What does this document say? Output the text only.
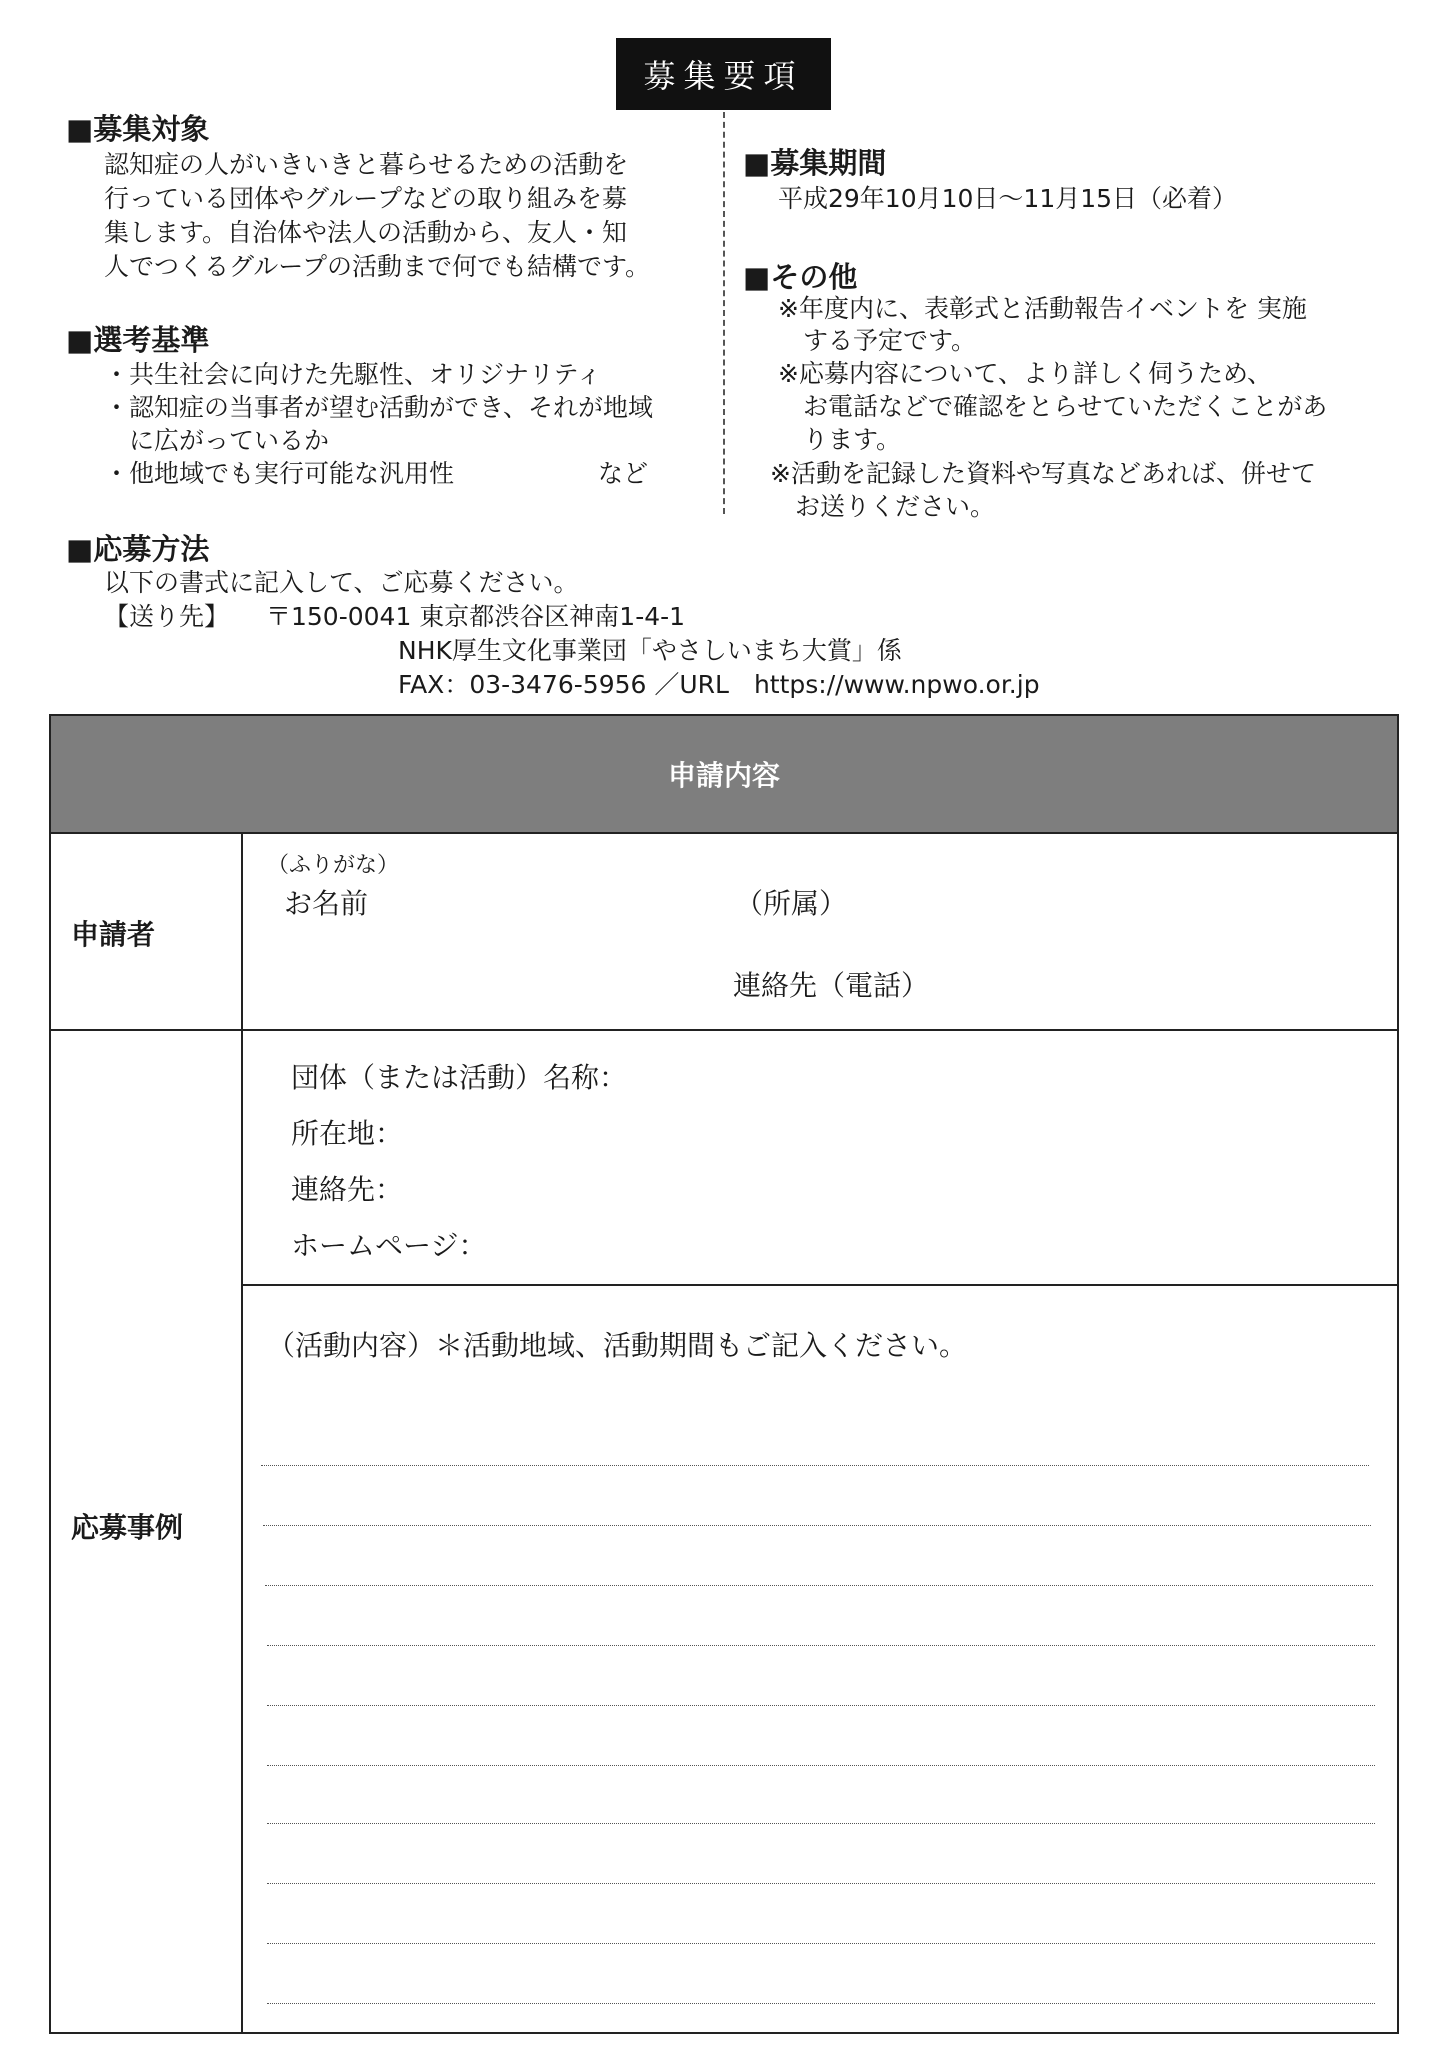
募集要項
■募集対象
認知症の人がいきいきと暮らせるための活動を
行っている団体やグループなどの取り組みを募
集します。自治体や法人の活動から、友人・知
人でつくるグループの活動まで何でも結構です。
■選考基準
・共生社会に向けた先駆性、オリジナリティ
・認知症の当事者が望む活動ができ、それが地域
　に広がっているか
・他地域でも実行可能な汎用性	など
■募集期間
平成29年10月10日〜11月15日（必着）
■その他
※年度内に、表彰式と活動報告イベントを 実施
　する予定です。
※応募内容について、より詳しく伺うため、
　お電話などで確認をとらせていただくことがあ
　ります。
※活動を記録した資料や写真などあれば、併せて
　お送りください。
■応募方法
以下の書式に記入して、ご応募ください。
【送り先】 〒150-0041 東京都渋谷区神南1-4-1
NHK厚生文化事業団「やさしいまち大賞」係
FAX：03-3476-5956 ／URL　https://www.npwo.or.jp
申請内容
申請者
（ふりがな）
お名前	（所属）
連絡先（電話）
応募事例
団体（または活動）名称：
所在地：
連絡先：
ホームページ：
（活動内容）＊活動地域、活動期間もご記入ください。
